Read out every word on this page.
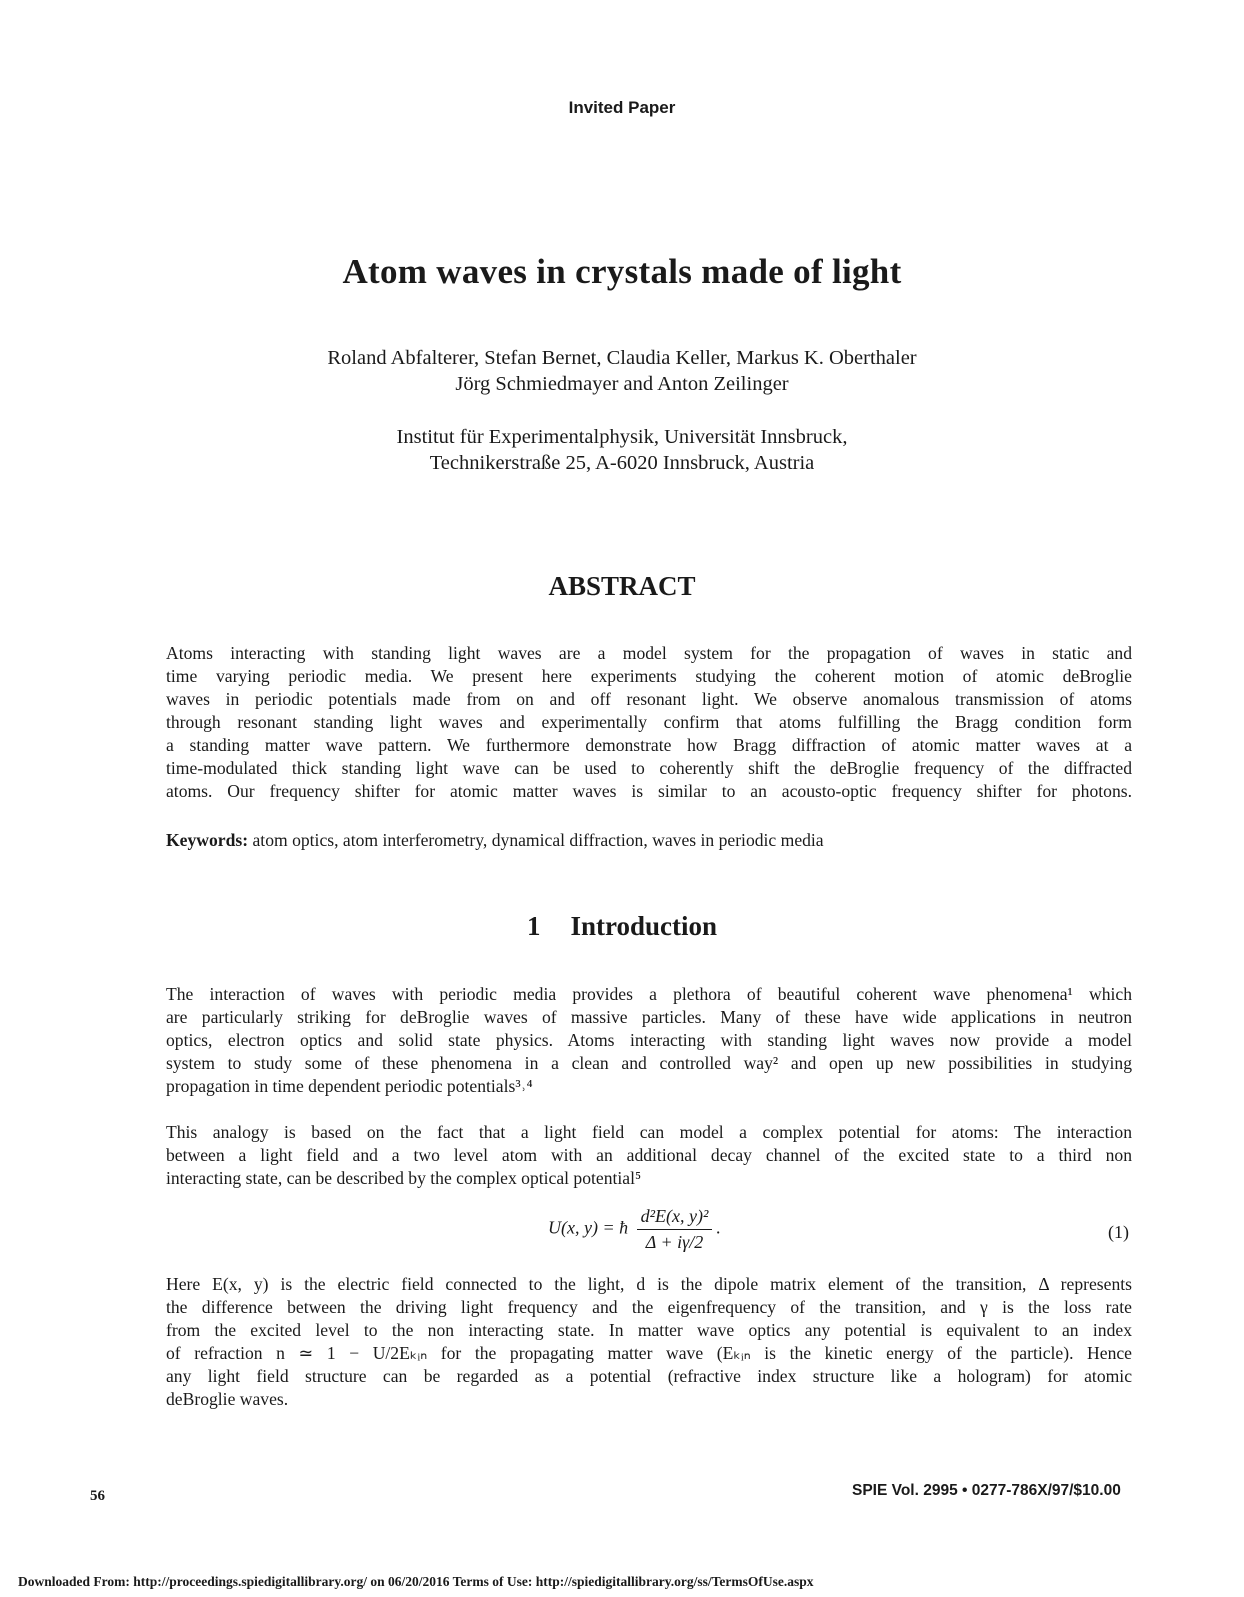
Invited Paper
Atom waves in crystals made of light
Roland Abfalterer, Stefan Bernet, Claudia Keller, Markus K. Oberthaler
Jörg Schmiedmayer and Anton Zeilinger
Institut für Experimentalphysik, Universität Innsbruck,
Technikerstraße 25, A-6020 Innsbruck, Austria
ABSTRACT
Atoms interacting with standing light waves are a model system for the propagation of waves in static and
time varying periodic media. We present here experiments studying the coherent motion of atomic deBroglie
waves in periodic potentials made from on and off resonant light. We observe anomalous transmission of atoms
through resonant standing light waves and experimentally confirm that atoms fulfilling the Bragg condition form
a standing matter wave pattern. We furthermore demonstrate how Bragg diffraction of atomic matter waves at a
time-modulated thick standing light wave can be used to coherently shift the deBroglie frequency of the diffracted
atoms. Our frequency shifter for atomic matter waves is similar to an acousto-optic frequency shifter for photons.
Keywords: atom optics, atom interferometry, dynamical diffraction, waves in periodic media
1 Introduction
The interaction of waves with periodic media provides a plethora of beautiful coherent wave phenomena¹ which
are particularly striking for deBroglie waves of massive particles. Many of these have wide applications in neutron
optics, electron optics and solid state physics. Atoms interacting with standing light waves now provide a model
system to study some of these phenomena in a clean and controlled way² and open up new possibilities in studying
propagation in time dependent periodic potentials³˒⁴
This analogy is based on the fact that a light field can model a complex potential for atoms: The interaction
between a light field and a two level atom with an additional decay channel of the excited state to a third non
interacting state, can be described by the complex optical potential⁵
U(x, y) = ħ $\frac{\text{d²E(x, y)²}}{\Delta + i\gamma/2}$ .	(1)
Here E(x, y) is the electric field connected to the light, d is the dipole matrix element of the transition, Δ represents
the difference between the driving light frequency and the eigenfrequency of the transition, and γ is the loss rate
from the excited level to the non interacting state. In matter wave optics any potential is equivalent to an index
of refraction n ≃ 1 − U/2Eₖᵢₙ for the propagating matter wave (Eₖᵢₙ is the kinetic energy of the particle). Hence
any light field structure can be regarded as a potential (refractive index structure like a hologram) for atomic
deBroglie waves.
56	SPIE Vol. 2995 • 0277-786X/97/$10.00
Downloaded From: http://proceedings.spiedigitallibrary.org/ on 06/20/2016 Terms of Use: http://spiedigitallibrary.org/ss/TermsOfUse.aspx
